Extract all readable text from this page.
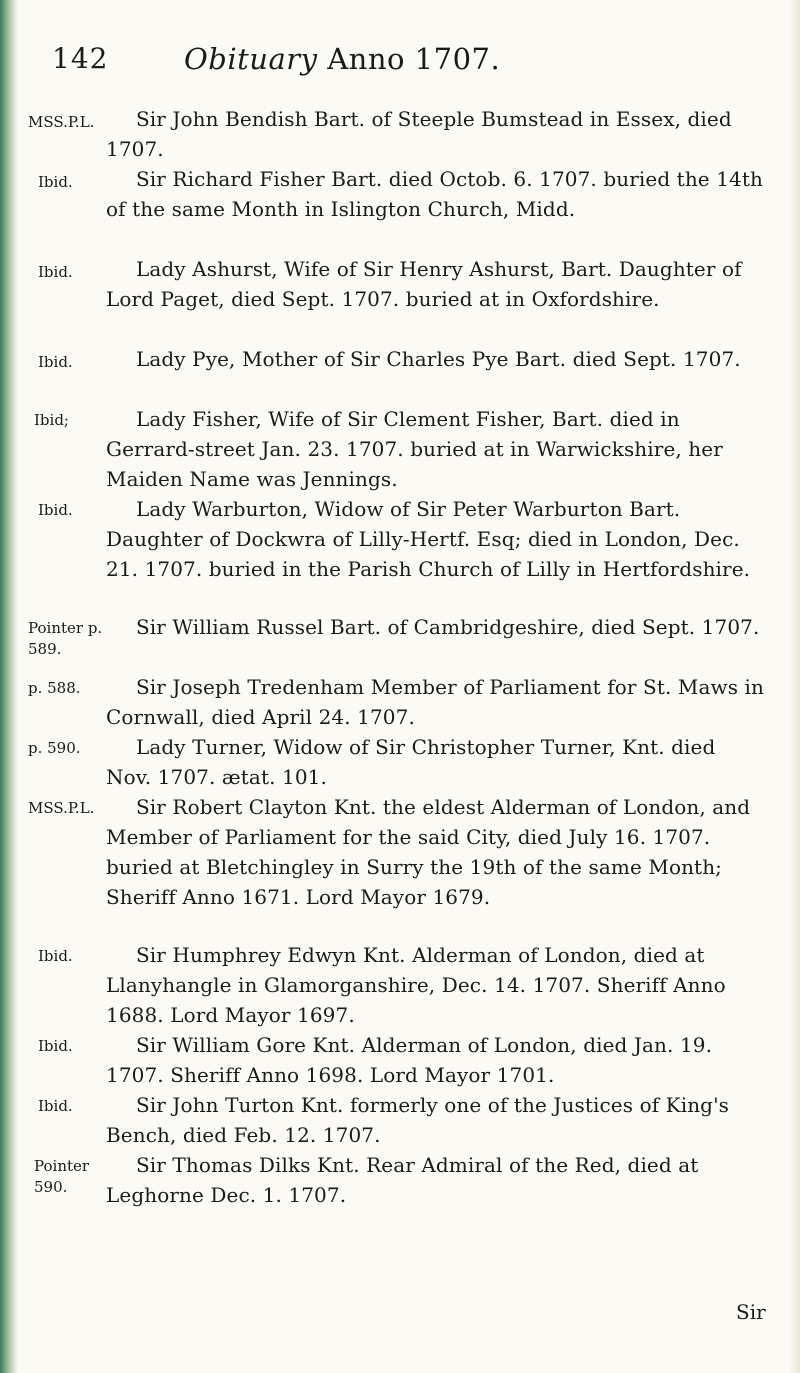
142	Obituary Anno 1707.
MSS.P.L.
Ibid.
Ibid.
Ibid.
Ibid;
Ibid.
Pointer p.
589.
p. 588.
p. 590.
MSS.P.L.
Ibid.
Ibid.
Ibid.
Pointer
590.

Sir John Bendish Bart. of Steeple Bumstead in Essex, died 1707.

Sir Richard Fisher Bart. died Octob. 6. 1707. buried the 14th of the same Month in Islington Church, Midd.

Lady Ashurst, Wife of Sir Henry Ashurst, Bart. Daughter of Lord Paget, died Sept. 1707. buried at in Oxfordshire.

Lady Pye, Mother of Sir Charles Pye Bart. died Sept. 1707.

Lady Fisher, Wife of Sir Clement Fisher, Bart. died in Gerrard-street Jan. 23. 1707. buried at in Warwickshire, her Maiden Name was Jennings.

Lady Warburton, Widow of Sir Peter Warburton Bart. Daughter of Dockwra of Lilly-Hertf. Esq; died in London, Dec. 21. 1707. buried in the Parish Church of Lilly in Hertfordshire.

Sir William Russel Bart. of Cambridgeshire, died Sept. 1707.

Sir Joseph Tredenham Member of Parliament for St. Maws in Cornwall, died April 24. 1707.

Lady Turner, Widow of Sir Christopher Turner, Knt. died Nov. 1707. ætat. 101.

Sir Robert Clayton Knt. the eldest Alderman of London, and Member of Parliament for the said City, died July 16. 1707. buried at Bletchingley in Surry the 19th of the same Month; Sheriff Anno 1671. Lord Mayor 1679.

Sir Humphrey Edwyn Knt. Alderman of London, died at Llanyhangle in Glamorganshire, Dec. 14. 1707. Sheriff Anno 1688. Lord Mayor 1697.

Sir William Gore Knt. Alderman of London, died Jan. 19. 1707. Sheriff Anno 1698. Lord Mayor 1701.

Sir John Turton Knt. formerly one of the Justices of King's Bench, died Feb. 12. 1707.

Sir Thomas Dilks Knt. Rear Admiral of the Red, died at Leghorne Dec. 1. 1707.

Sir
